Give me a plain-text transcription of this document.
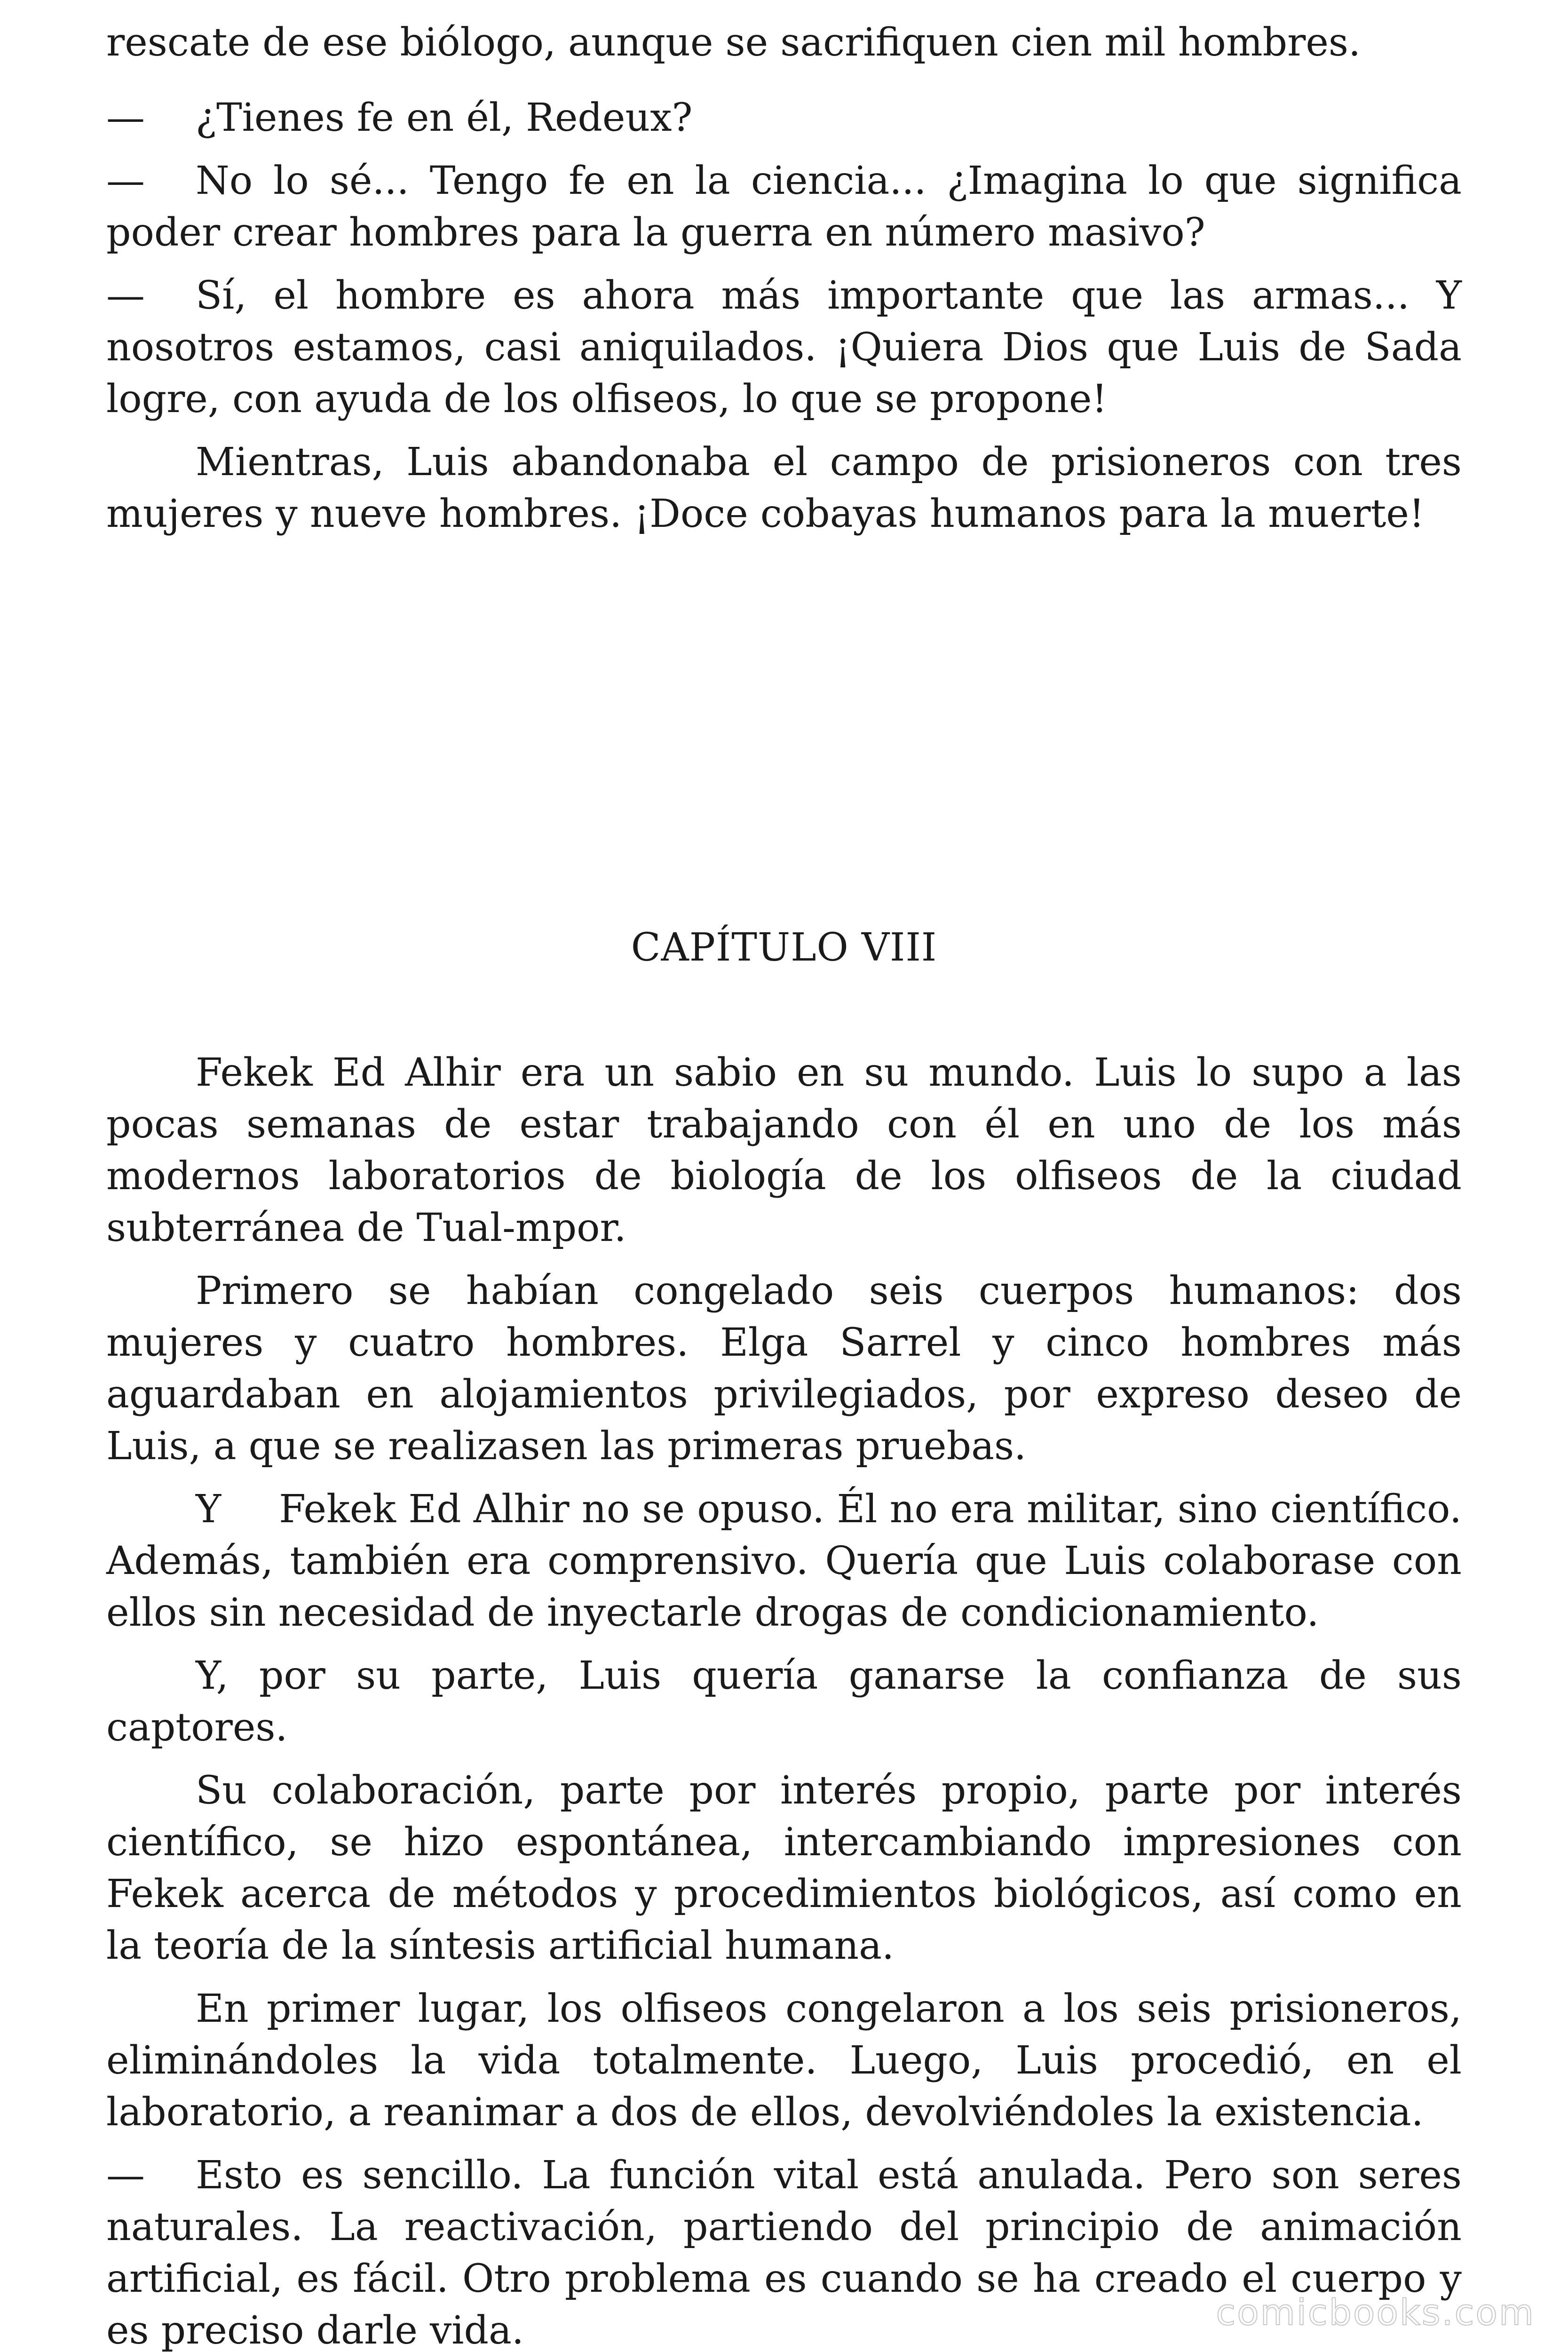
rescate de ese biólogo, aunque se sacrifiquen cien mil hombres.

— ¿Tienes fe en él, Redeux?

— No lo sé... Tengo fe en la ciencia... ¿Imagina lo que significa poder crear hombres para la guerra en número masivo?

— Sí, el hombre es ahora más importante que las armas... Y nosotros estamos, casi aniquilados. ¡Quiera Dios que Luis de Sada logre, con ayuda de los olfiseos, lo que se propone!

Mientras, Luis abandonaba el campo de prisioneros con tres mujeres y nueve hombres. ¡Doce cobayas humanos para la muerte!

CAPÍTULO VIII

Fekek Ed Alhir era un sabio en su mundo. Luis lo supo a las pocas semanas de estar trabajando con él en uno de los más modernos laboratorios de biología de los olfiseos de la ciudad subterránea de Tual-mpor.

Primero se habían congelado seis cuerpos humanos: dos mujeres y cuatro hombres. Elga Sarrel y cinco hombres más aguardaban en alojamientos privilegiados, por expreso deseo de Luis, a que se realizasen las primeras pruebas.

Y  Fekek Ed Alhir no se opuso. Él no era militar, sino científico. Además, también era comprensivo. Quería que Luis colaborase con ellos sin necesidad de inyectarle drogas de condicionamiento.

Y, por su parte, Luis quería ganarse la confianza de sus captores.

Su colaboración, parte por interés propio, parte por interés científico, se hizo espontánea, intercambiando impresiones con Fekek acerca de métodos y procedimientos biológicos, así como en la teoría de la síntesis artificial humana.

En primer lugar, los olfiseos congelaron a los seis prisioneros, eliminándoles la vida totalmente. Luego, Luis procedió, en el laboratorio, a reanimar a dos de ellos, devolviéndoles la existencia.

— Esto es sencillo. La función vital está anulada. Pero son seres naturales. La reactivación, partiendo del principio de animación artificial, es fácil. Otro problema es cuando se ha creado el cuerpo y es preciso darle vida.	comicbooks.com
